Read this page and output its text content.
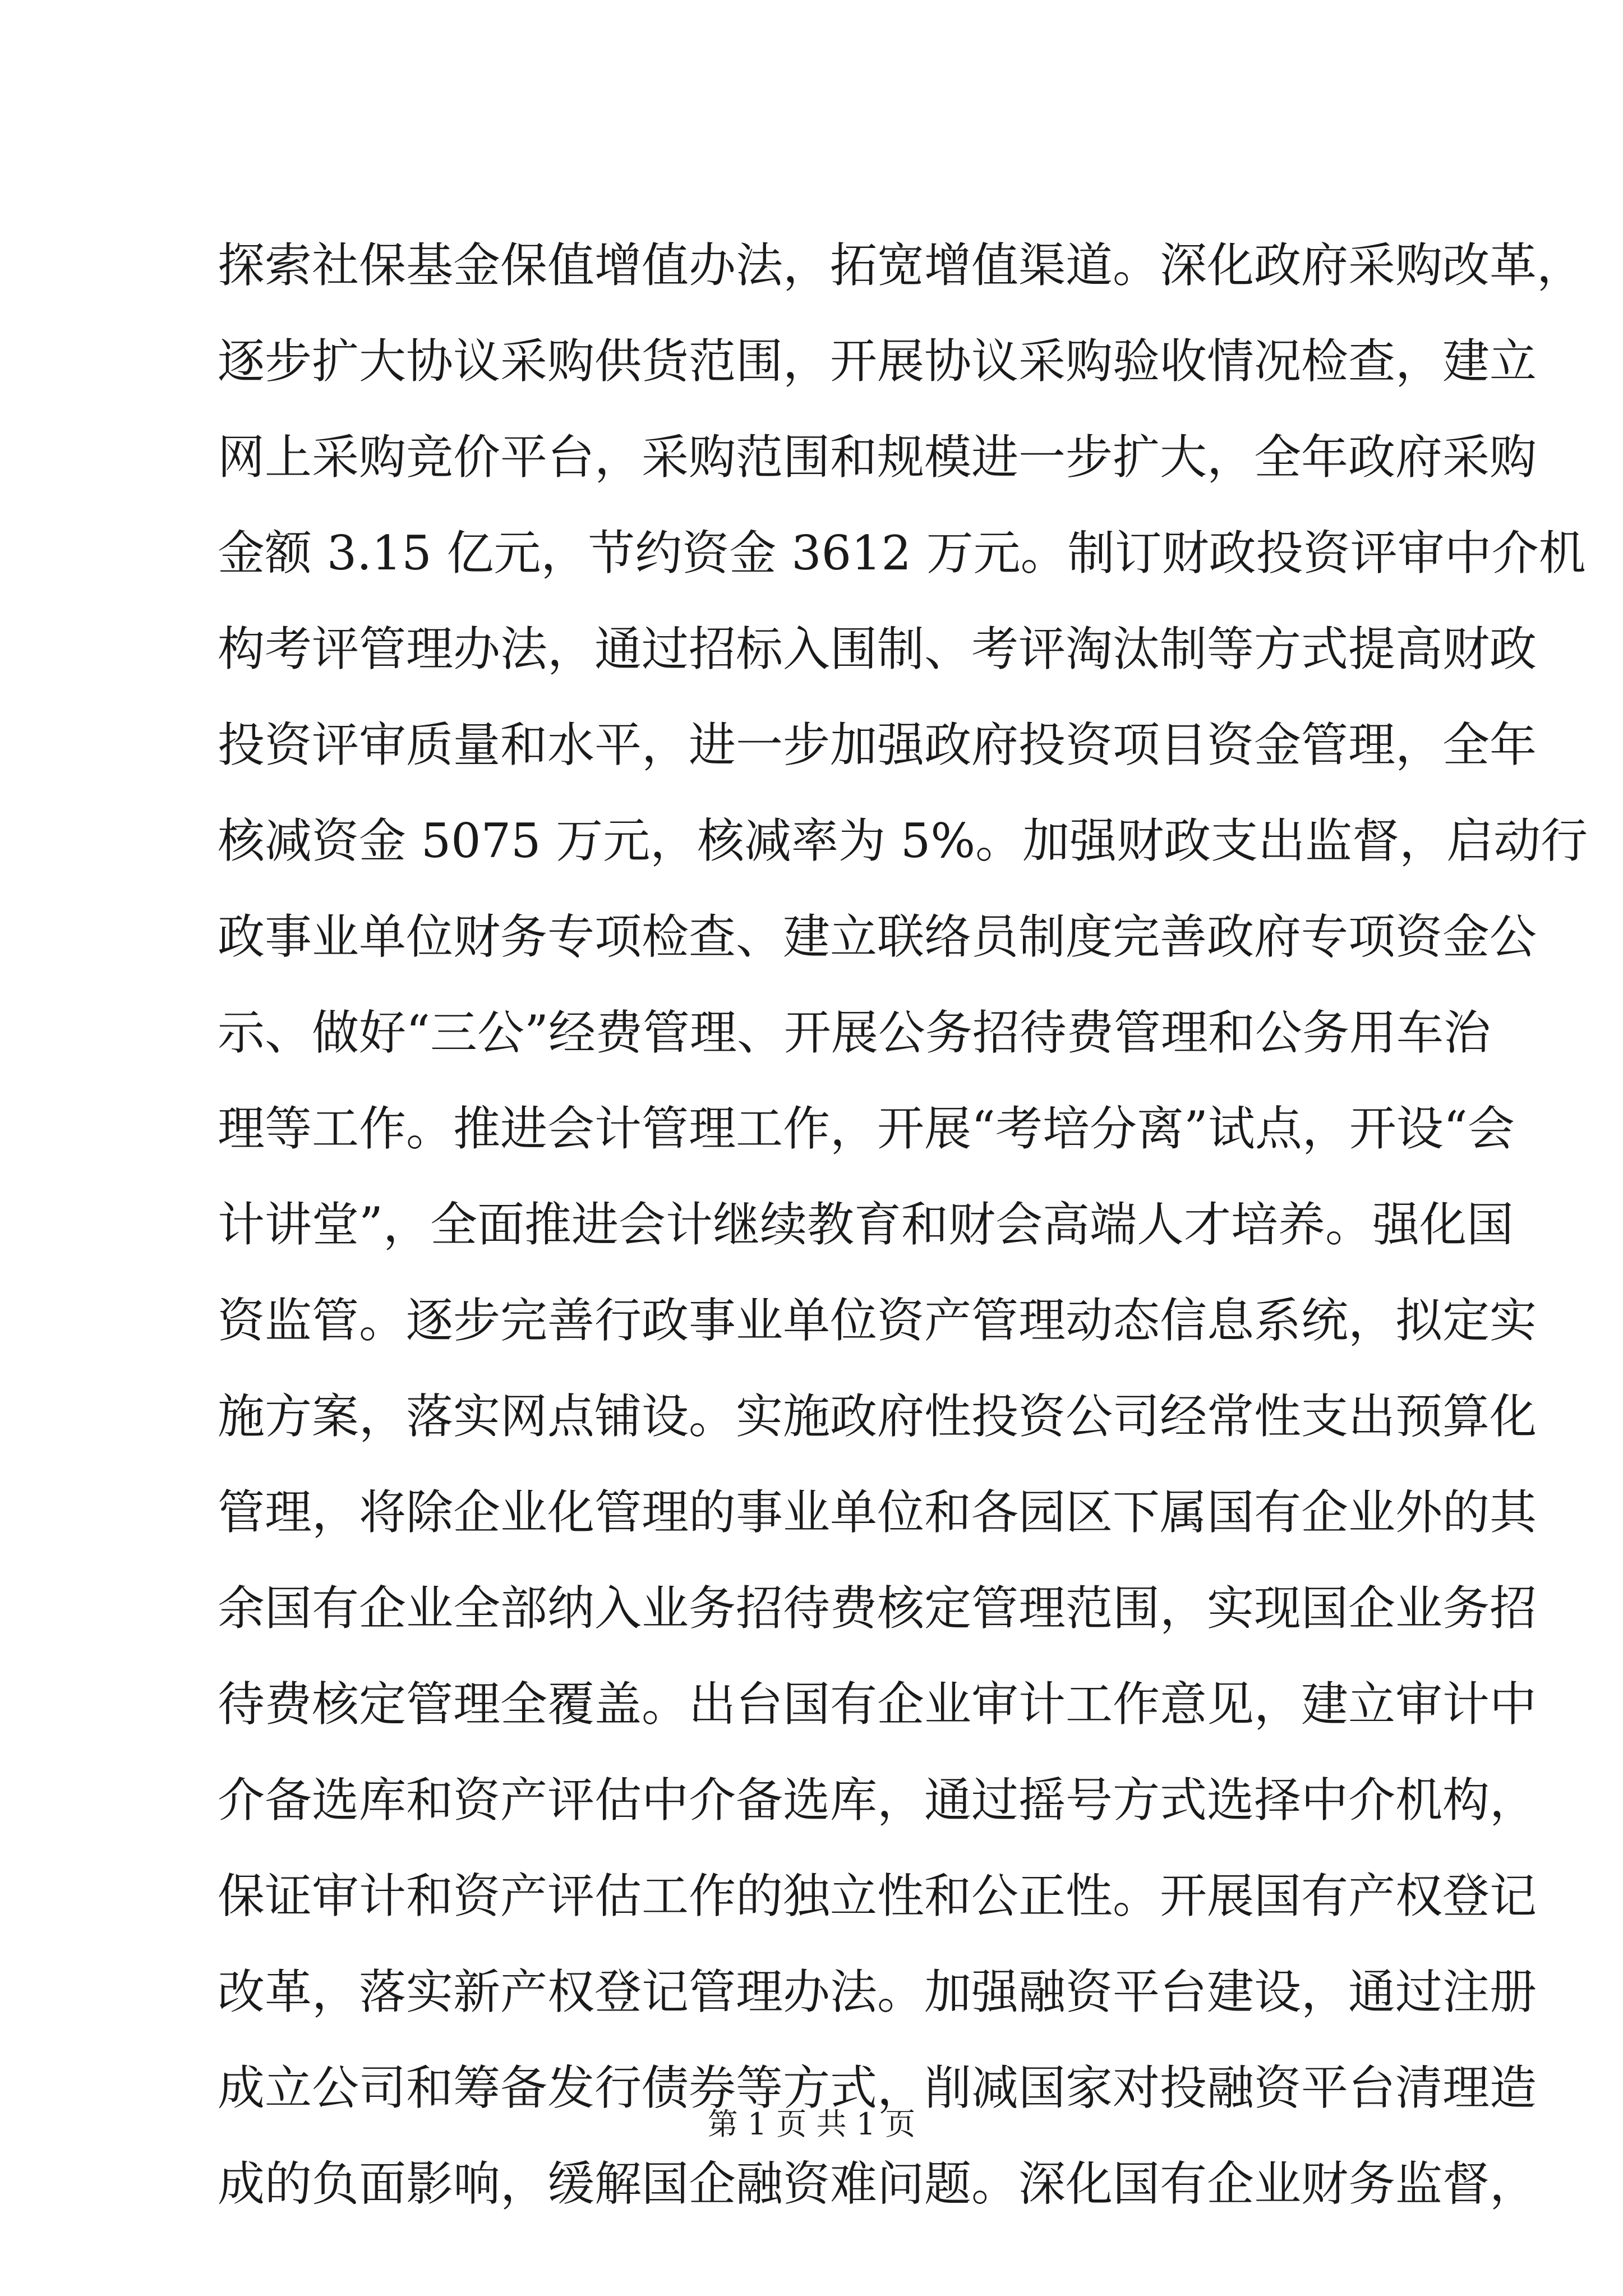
探索社保基金保值增值办法，拓宽增值渠道。深化政府采购改革，
逐步扩大协议采购供货范围，开展协议采购验收情况检查，建立
网上采购竞价平台，采购范围和规模进一步扩大，全年政府采购
金额 3.15 亿元，节约资金 3612 万元。制订财政投资评审中介机
构考评管理办法，通过招标入围制、考评淘汰制等方式提高财政
投资评审质量和水平，进一步加强政府投资项目资金管理，全年
核减资金 5075 万元，核减率为 5%。加强财政支出监督，启动行
政事业单位财务专项检查、建立联络员制度完善政府专项资金公
示、做好“三公”经费管理、开展公务招待费管理和公务用车治
理等工作。推进会计管理工作，开展“考培分离”试点，开设“会
计讲堂”，全面推进会计继续教育和财会高端人才培养。强化国
资监管。逐步完善行政事业单位资产管理动态信息系统，拟定实
施方案，落实网点铺设。实施政府性投资公司经常性支出预算化
管理，将除企业化管理的事业单位和各园区下属国有企业外的其
余国有企业全部纳入业务招待费核定管理范围，实现国企业务招
待费核定管理全覆盖。出台国有企业审计工作意见，建立审计中
介备选库和资产评估中介备选库，通过摇号方式选择中介机构，
保证审计和资产评估工作的独立性和公正性。开展国有产权登记
改革，落实新产权登记管理办法。加强融资平台建设，通过注册
成立公司和筹备发行债券等方式，削减国家对投融资平台清理造
成的负面影响，缓解国企融资难问题。深化国有企业财务监督，
第 1 页 共 1 页
